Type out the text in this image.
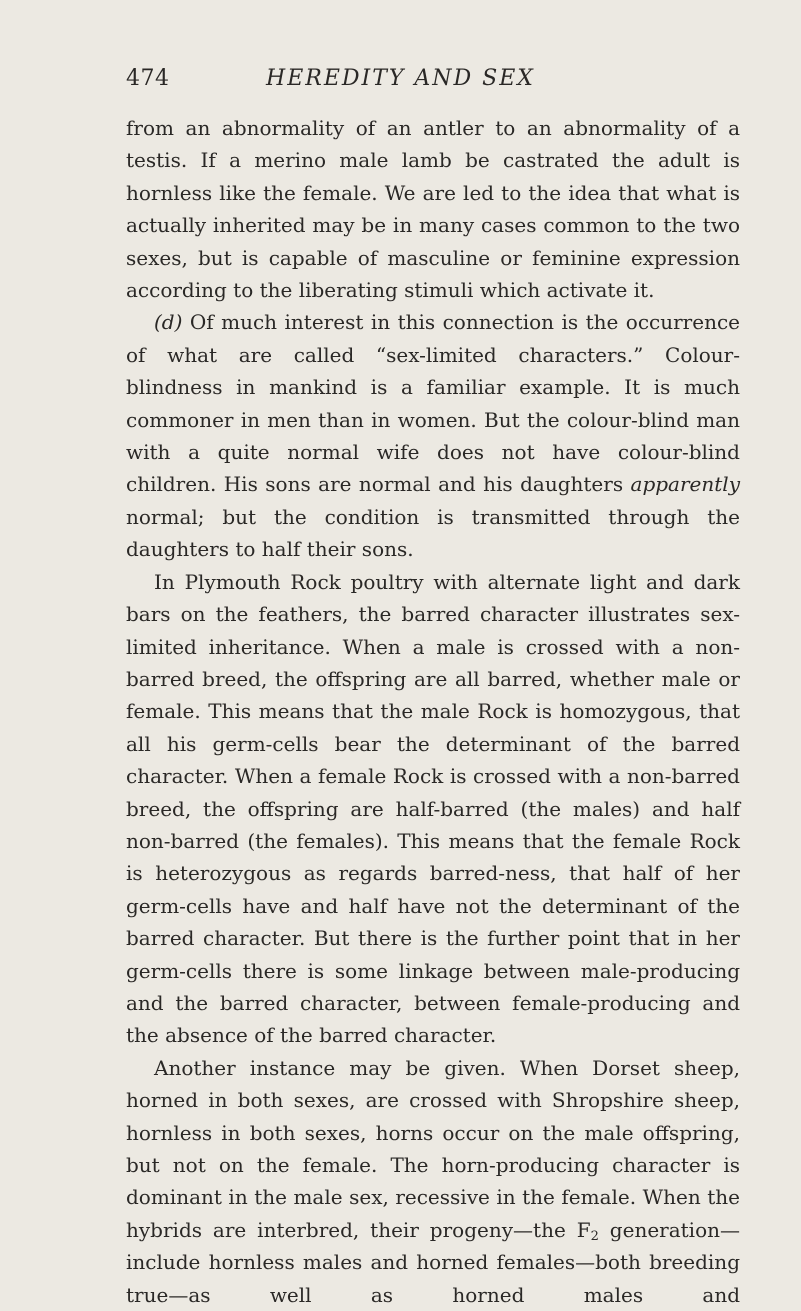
474	HEREDITY AND SEX

from an abnormality of an antler to an abnormality of a testis. If a merino male lamb be castrated the adult is hornless like the female. We are led to the idea that what is actually inherited may be in many cases common to the two sexes, but is capable of masculine or feminine expression according to the liberating stimuli which activate it.

(d) Of much interest in this connection is the occurrence of what are called “sex-limited characters.” Colour-blindness in mankind is a familiar example. It is much commoner in men than in women. But the colour-blind man with a quite normal wife does not have colour-blind children. His sons are normal and his daughters apparently normal; but the condition is transmitted through the daughters to half their sons.

In Plymouth Rock poultry with alternate light and dark bars on the feathers, the barred character illustrates sex-limited inheritance. When a male is crossed with a non-barred breed, the offspring are all barred, whether male or female. This means that the male Rock is homozygous, that all his germ-cells bear the determinant of the barred character. When a female Rock is crossed with a non-barred breed, the offspring are half-barred (the males) and half non-barred (the females). This means that the female Rock is heterozygous as regards barred-ness, that half of her germ-cells have and half have not the determinant of the barred character. But there is the further point that in her germ-cells there is some linkage between male-producing and the barred character, between female-producing and the absence of the barred character.

Another instance may be given. When Dorset sheep, horned in both sexes, are crossed with Shropshire sheep, hornless in both sexes, horns occur on the male offspring, but not on the female. The horn-producing character is dominant in the male sex, recessive in the female. When the hybrids are interbred, their progeny—the $F_2$ generation—include hornless males and horned females—both breeding true—as well as horned males and
